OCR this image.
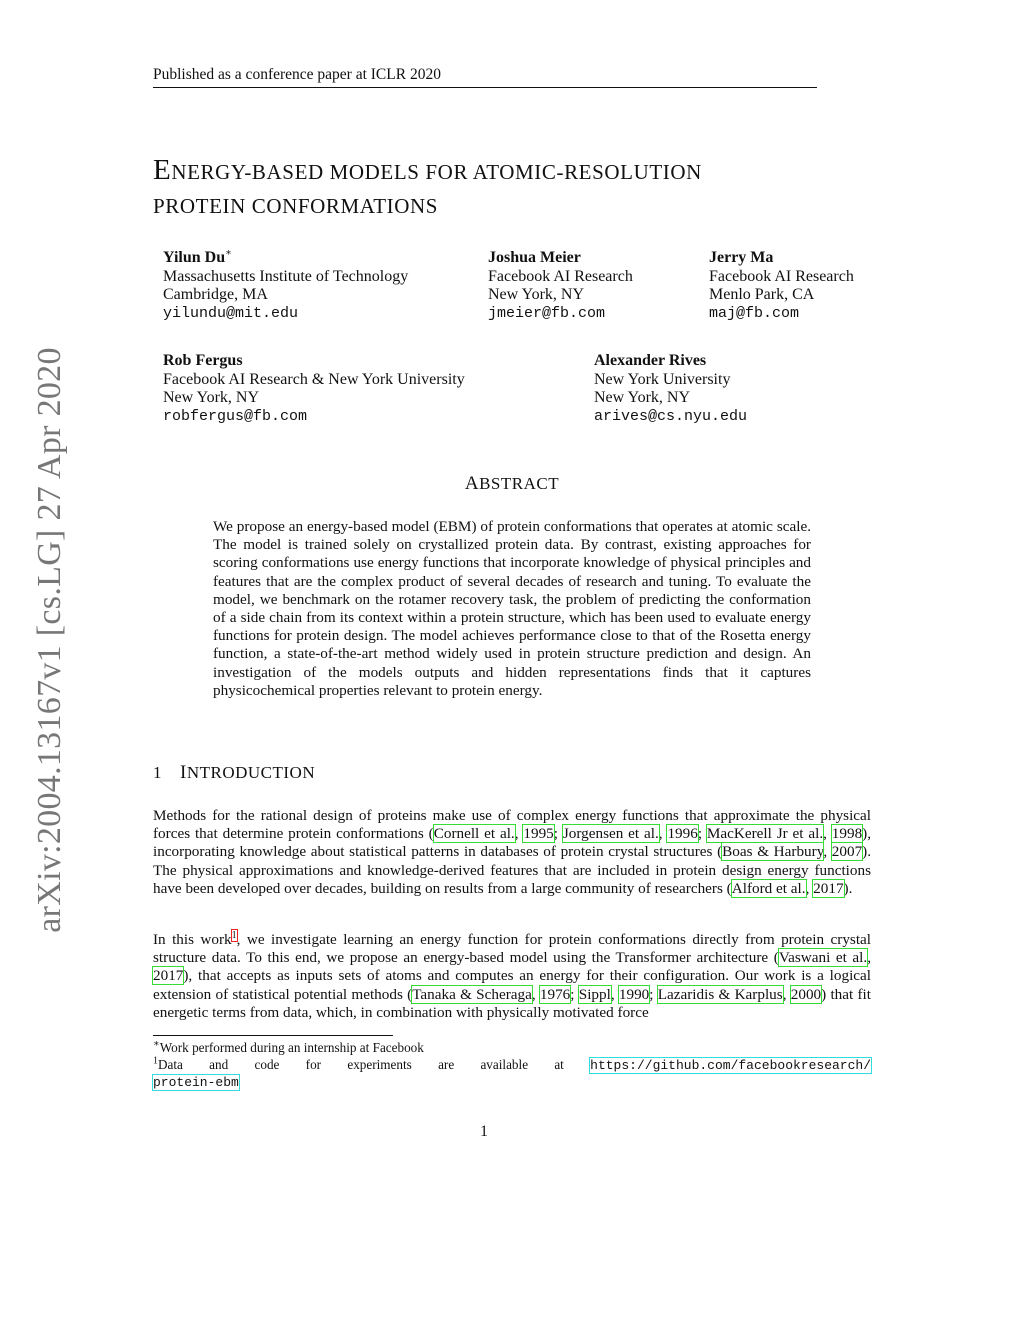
Published as a conference paper at ICLR 2020
arXiv:2004.13167v1 [cs.LG] 27 Apr 2020
ENERGY-BASED MODELS FOR ATOMIC-RESOLUTION
PROTEIN CONFORMATIONS
Yilun Du∗
Massachusetts Institute of Technology
Cambridge, MA
yilundu@mit.edu
Joshua Meier
Facebook AI Research
New York, NY
jmeier@fb.com
Jerry Ma
Facebook AI Research
Menlo Park, CA
maj@fb.com
Rob Fergus
Facebook AI Research & New York University
New York, NY
robfergus@fb.com
Alexander Rives
New York University
New York, NY
arives@cs.nyu.edu
ABSTRACT
We propose an energy-based model (EBM) of protein conformations that operates at atomic scale. The model is trained solely on crystallized protein data. By contrast, existing approaches for scoring conformations use energy functions that incorporate knowledge of physical principles and features that are the complex product of several decades of research and tuning. To evaluate the model, we benchmark on the rotamer recovery task, the problem of predicting the conformation of a side chain from its context within a protein structure, which has been used to evaluate energy functions for protein design. The model achieves performance close to that of the Rosetta energy function, a state-of-the-art method widely used in protein structure prediction and design. An investigation of the models outputs and hidden representations finds that it captures physicochemical properties relevant to protein energy.
1 INTRODUCTION
Methods for the rational design of proteins make use of complex energy functions that approximate the physical forces that determine protein conformations (Cornell et al., 1995; Jorgensen et al., 1996; MacKerell Jr et al., 1998), incorporating knowledge about statistical patterns in databases of protein crystal structures (Boas & Harbury, 2007). The physical approximations and knowledge-derived features that are included in protein design energy functions have been developed over decades, building on results from a large community of researchers (Alford et al., 2017).
In this work$^1$, we investigate learning an energy function for protein conformations directly from protein crystal structure data. To this end, we propose an energy-based model using the Transformer architecture (Vaswani et al., 2017), that accepts as inputs sets of atoms and computes an energy for their configuration. Our work is a logical extension of statistical potential methods (Tanaka & Scheraga, 1976; Sippl, 1990; Lazaridis & Karplus, 2000) that fit energetic terms from data, which, in combination with physically motivated force
∗Work performed during an internship at Facebook
$^1$Data and code for experiments are available at https://github.com/facebookresearch/
protein-ebm
1
